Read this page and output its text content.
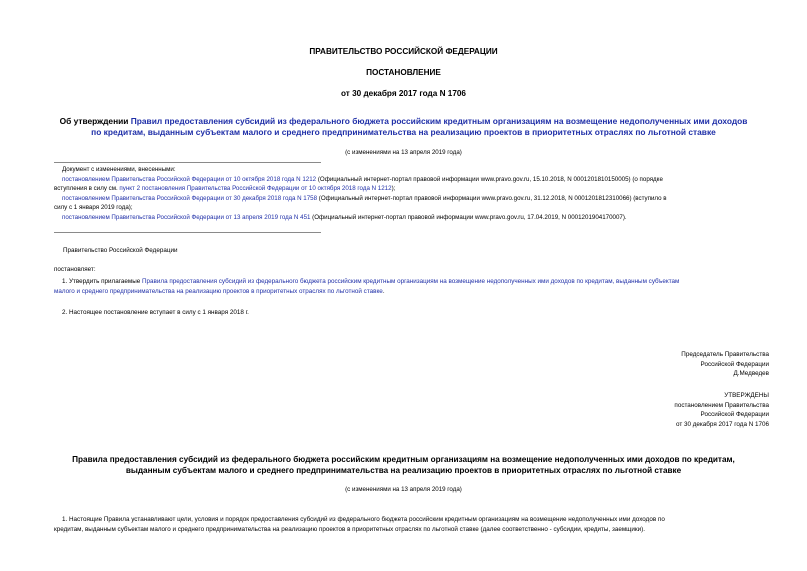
ПРАВИТЕЛЬСТВО РОССИЙСКОЙ ФЕДЕРАЦИИ
ПОСТАНОВЛЕНИЕ
от 30 декабря 2017 года N 1706
Об утверждении Правил предоставления субсидий из федерального бюджета российским кредитным организациям на возмещение недополученных ими доходов
по кредитам, выданным субъектам малого и среднего предпринимательства на реализацию проектов в приоритетных отраслях по льготной ставке
(с изменениями на 13 апреля 2019 года)
Документ с изменениями, внесенными:
постановлением Правительства Российской Федерации от 10 октября 2018 года N 1212 (Официальный интернет-портал правовой информации www.pravo.gov.ru, 15.10.2018, N 0001201810150005) (о порядке
вступления в силу см. пункт 2 постановления Правительства Российской Федерации от 10 октября 2018 года N 1212);
постановлением Правительства Российской Федерации от 30 декабря 2018 года N 1758 (Официальный интернет-портал правовой информации www.pravo.gov.ru, 31.12.2018, N 0001201812310066) (вступило в
силу с 1 января 2019 года);
постановлением Правительства Российской Федерации от 13 апреля 2019 года N 451 (Официальный интернет-портал правовой информации www.pravo.gov.ru, 17.04.2019, N 0001201904170007).
Правительство Российской Федерации
постановляет:
1. Утвердить прилагаемые Правила предоставления субсидий из федерального бюджета российским кредитным организациям на возмещение недополученных ими доходов по кредитам, выданным субъектам
малого и среднего предпринимательства на реализацию проектов в приоритетных отраслях по льготной ставке.
2. Настоящее постановление вступает в силу с 1 января 2018 г.
Председатель Правительства
Российской Федерации
Д.Медведев
УТВЕРЖДЕНЫ
постановлением Правительства
Российской Федерации
от 30 декабря 2017 года N 1706
Правила предоставления субсидий из федерального бюджета российским кредитным организациям на возмещение недополученных ими доходов по кредитам,
выданным субъектам малого и среднего предпринимательства на реализацию проектов в приоритетных отраслях по льготной ставке
(с изменениями на 13 апреля 2019 года)
1. Настоящие Правила устанавливают цели, условия и порядок предоставления субсидий из федерального бюджета российским кредитным организациям на возмещение недополученных ими доходов по
кредитам, выданным субъектам малого и среднего предпринимательства на реализацию проектов в приоритетных отраслях по льготной ставке (далее соответственно - субсидии, кредиты, заемщики).
